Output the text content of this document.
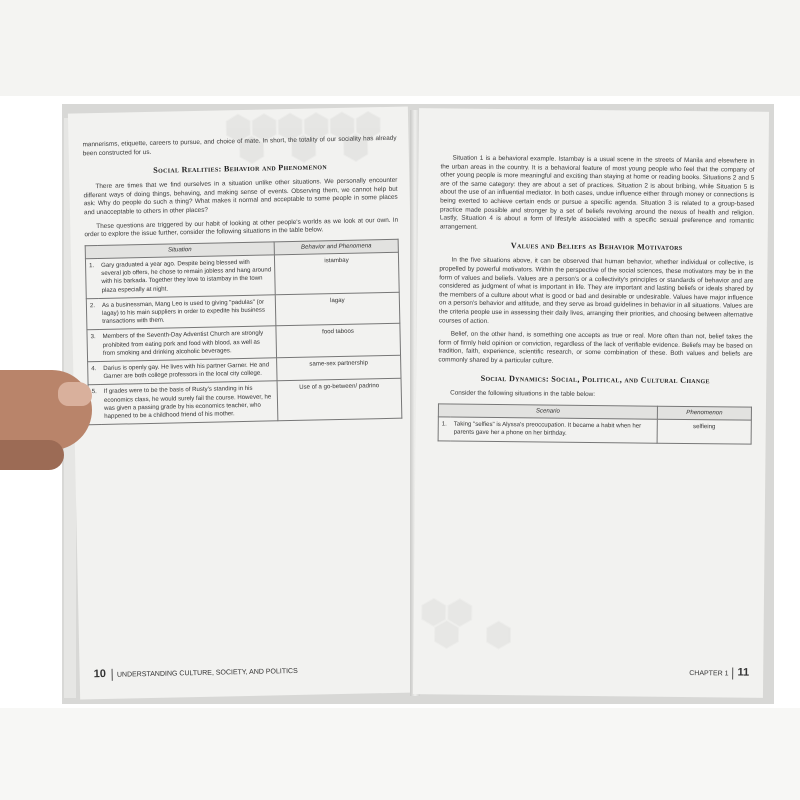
mannerisms, etiquette, careers to pursue, and choice of mate. In short, the totality of our sociality has already been constructed for us.

Social Realities: Behavior and Phenomenon

There are times that we find ourselves in a situation unlike other situations. We personally encounter different ways of doing things, behaving, and making sense of events. Observing them, we cannot help but ask: Why do people do such a thing? What makes it normal and acceptable to some people in some places and unacceptable to others in other places?

These questions are triggered by our habit of looking at other people's worlds as we look at our own. In order to explore the issue further, consider the following situations in the table below.

Situation		Behavior and Phenomena
1.	Gary graduated a year ago. Despite being blessed with several job offers, he chose to remain jobless and hang around with his barkada. Together they love to istambay in the town plaza especially at night.	istambay
2.	As a businessman, Mang Leo is used to giving "padulas" (or lagay) to his main suppliers in order to expedite his business transactions with them.	lagay
3.	Members of the Seventh-Day Adventist Church are strongly prohibited from eating pork and food with blood, as well as from smoking and drinking alcoholic beverages.	food taboos
4.	Darius is openly gay. He lives with his partner Garner. He and Garner are both college professors in the local city college.	same-sex partnership
5.	If grades were to be the basis of Rusty's standing in his economics class, he would surely fail the course. However, he was given a passing grade by his economics teacher, who happened to be a childhood friend of his mother.	Use of a go-between/ padrino
10 UNDERSTANDING CULTURE, SOCIETY, AND POLITICS

Situation 1 is a behavioral example. Istambay is a usual scene in the streets of Manila and elsewhere in the urban areas in the country. It is a behavioral feature of most young people who feel that the company of other young people is more meaningful and exciting than staying at home or reading books. Situations 2 and 5 are of the same category: they are about a set of practices. Situation 2 is about bribing, while Situation 5 is about the use of an influential mediator. In both cases, undue influence either through money or connections is being exerted to achieve certain ends or pursue a specific agenda. Situation 3 is related to a group-based practice made possible and stronger by a set of beliefs revolving around the nexus of health and religion. Lastly, Situation 4 is about a form of lifestyle associated with a specific sexual preference and romantic arrangement.

Values and Beliefs as Behavior Motivators

In the five situations above, it can be observed that human behavior, whether individual or collective, is propelled by powerful motivators. Within the perspective of the social sciences, these motivators may be in the form of values and beliefs. Values are a person's or a collectivity's principles or standards of behavior and are considered as judgment of what is important in life. They are important and lasting beliefs or ideals shared by the members of a culture about what is good or bad and desirable or undesirable. Values have major influence on a person's behavior and attitude, and they serve as broad guidelines in behavior in all situations. Values are the criteria people use in assessing their daily lives, arranging their priorities, and choosing between alternative courses of action.

Belief, on the other hand, is something one accepts as true or real. More often than not, belief takes the form of firmly held opinion or conviction, regardless of the lack of verifiable evidence. Beliefs may be based on tradition, faith, experience, scientific research, or some combination of these. Both values and beliefs are commonly shared by a particular culture.

Social Dynamics: Social, Political, and Cultural Change

Consider the following situations in the table below:

Scenario		Phenomenon
1.	Taking "selfies" is Alyssa's preoccupation. It became a habit when her parents gave her a phone on her birthday.	selfieing
CHAPTER 1 11
